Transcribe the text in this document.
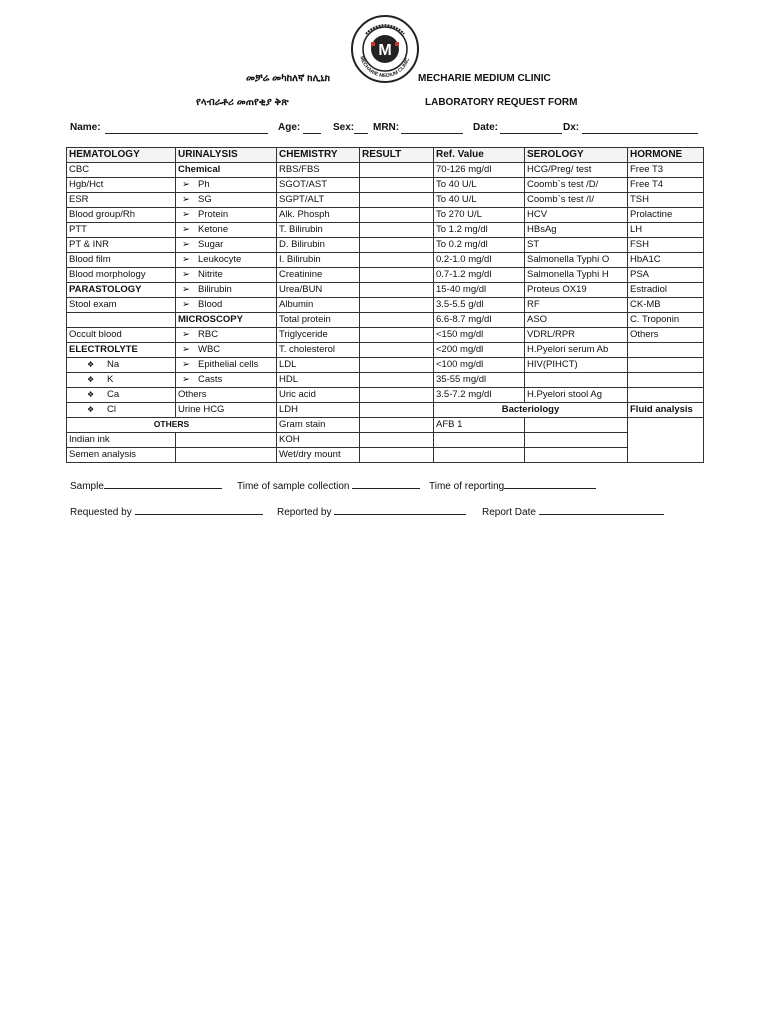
M
MECHARIE MEDIUM CLINIC
መቻሬ መካከለኛ ክሊኒክ	MECHARIE MEDIUM CLINIC
የላብራቶሪ መጠየቂያ ቅጽ	LABORATORY REQUEST FORM
Name:	Age:	Sex: MRN:	Date:	Dx:
HEMATOLOGY	URINALYSIS	CHEMISTRY	RESULT	Ref. Value	SEROLOGY	HORMONE
CBC	Chemical	RBS/FBS		70-126 mg/dl	HCG/Preg/ test	Free T3
Hgb/Hct	➢ Ph	SGOT/AST		To 40 U/L	Coomb`s test /D/	Free T4
ESR	➢ SG	SGPT/ALT		To 40 U/L	Coomb`s test /I/	TSH
Blood group/Rh	➢ Protein	Alk. Phosph		To 270 U/L	HCV	Prolactine
PTT	➢ Ketone	T. Bilirubin		To 1.2 mg/dl	HBsAg	LH
PT & INR	➢ Sugar	D. Bilirubin		To 0.2 mg/dl	ST	FSH
Blood film	➢ Leukocyte	I. Bilirubin		0.2-1.0 mg/dl	Salmonella Typhi O	HbA1C
Blood morphology	➢ Nitrite	Creatinine		0.7-1.2 mg/dl	Salmonella Typhi H	PSA
PARASTOLOGY	➢ Bilirubin	Urea/BUN		15-40 mg/dl	Proteus OX19	Estradiol
Stool exam	➢ Blood	Albumin		3.5-5.5 g/dl	RF	CK-MB
	MICROSCOPY	Total protein		6.6-8.7 mg/dl	ASO	C. Troponin
Occult blood	➢ RBC	Triglyceride		<150 mg/dl	VDRL/RPR	Others
ELECTROLYTE	➢ WBC	T. cholesterol		<200 mg/dl	H.Pyelori serum Ab	
❖ Na	➢ Epithelial cells	LDL		<100 mg/dl	HIV(PIHCT)	
❖ K	➢ Casts	HDL		35-55 mg/dl		
❖ Ca	Others	Uric acid		3.5-7.2 mg/dl	H.Pyelori stool Ag	
❖ Cl	Urine HCG	LDH		Bacteriology		Fluid analysis
OTHERS		Gram stain		AFB 1		
Indian ink		KOH				
Semen analysis		Wet/dry mount				
Sample	Time of sample collection	Time of reporting
Requested by	Reported by	Report Date
